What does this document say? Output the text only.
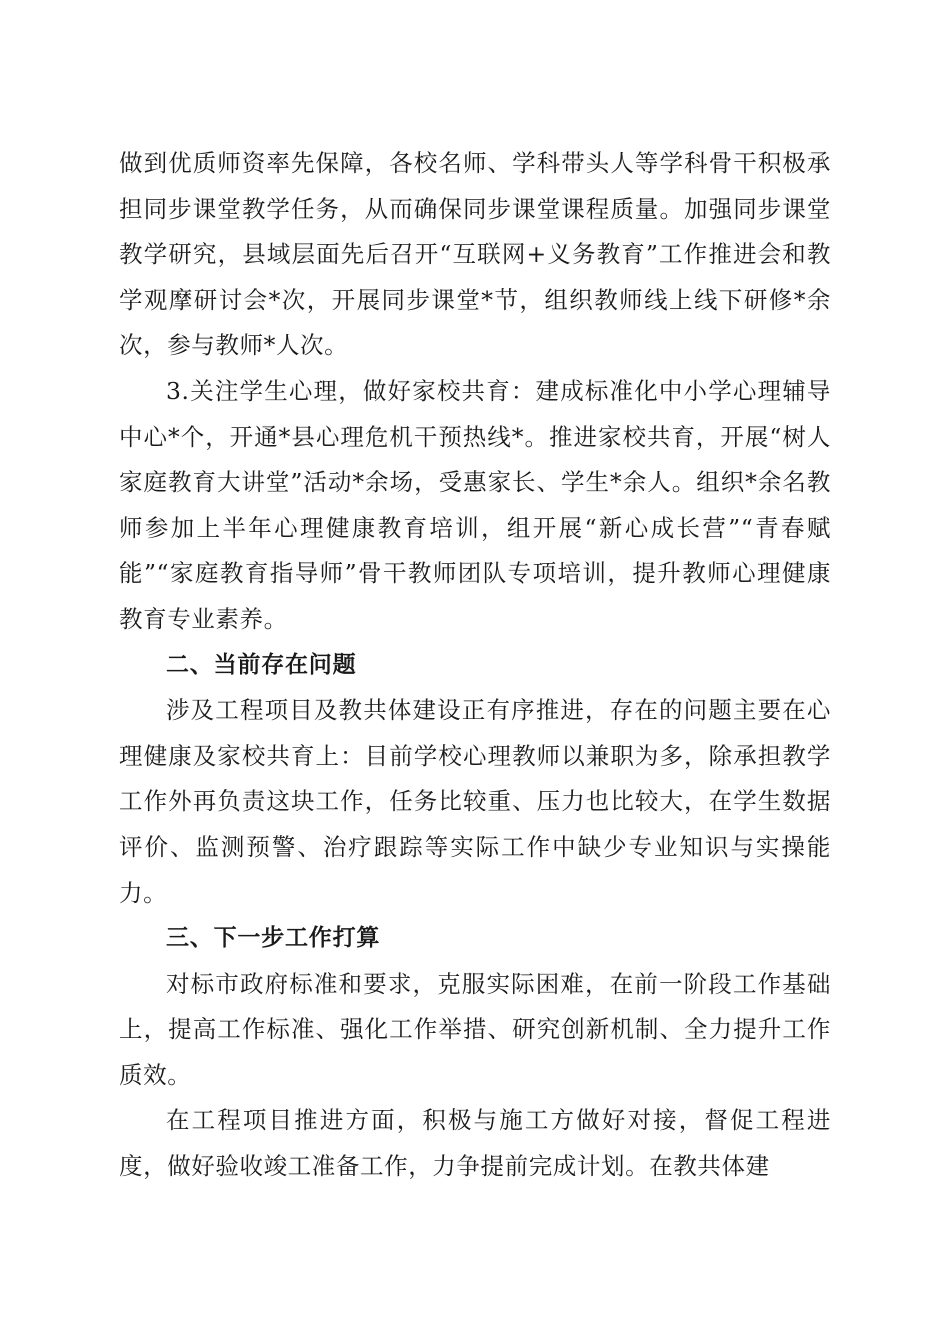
做到优质师资率先保障，各校名师、学科带头人等学科骨干积极承担同步课堂教学任务，从而确保同步课堂课程质量。加强同步课堂教学研究，县域层面先后召开“互联网+义务教育”工作推进会和教学观摩研讨会*次，开展同步课堂*节，组织教师线上线下研修*余次，参与教师*人次。

3.关注学生心理，做好家校共育：建成标准化中小学心理辅导中心*个，开通*县心理危机干预热线*。推进家校共育，开展“树人家庭教育大讲堂”活动*余场，受惠家长、学生*余人。组织*余名教师参加上半年心理健康教育培训，组开展“新心成长营”“青春赋能”“家庭教育指导师”骨干教师团队专项培训，提升教师心理健康教育专业素养。

二、当前存在问题

涉及工程项目及教共体建设正有序推进，存在的问题主要在心理健康及家校共育上：目前学校心理教师以兼职为多，除承担教学工作外再负责这块工作，任务比较重、压力也比较大，在学生数据评价、监测预警、治疗跟踪等实际工作中缺少专业知识与实操能力。

三、下一步工作打算

对标市政府标准和要求，克服实际困难，在前一阶段工作基础上，提高工作标准、强化工作举措、研究创新机制、全力提升工作质效。

在工程项目推进方面，积极与施工方做好对接，督促工程进度，做好验收竣工准备工作，力争提前完成计划。在教共体建
